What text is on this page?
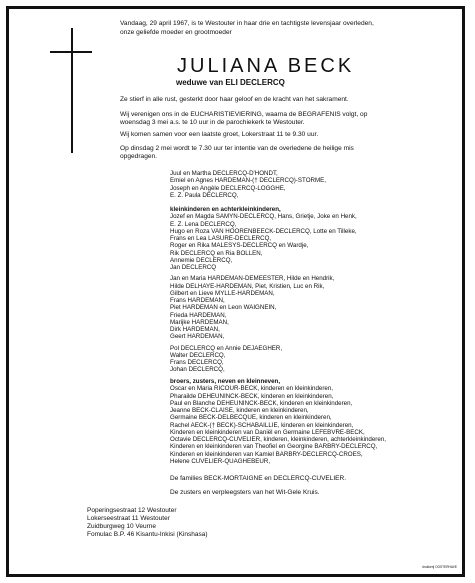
Vandaag, 29 april 1967, is te Westouter in haar drie en tachtigste levensjaar overleden,
onze geliefde moeder en grootmoeder
JULIANA BECK
weduwe van ELI DECLERCQ
Ze stierf in alle rust, gesterkt door haar geloof en de kracht van het sakrament.
Wij verenigen ons in de EUCHARISTIEVIERING, waarna de BEGRAFENIS volgt, op
woensdag 3 mei a.s. te 10 uur in de parochiekerk te Westouter.
Wij komen samen voor een laatste groet, Lokerstraat 11 te 9.30 uur.
Op dinsdag 2 mei wordt te 7.30 uur ter intentie van de overledene de heilige mis
opgedragen.
Juul en Martha DECLERCQ-D'HONDT,
Emiel en Agnes HARDEMAN-(† DECLERCQ)-STORME,
Joseph en Angèle DECLERCQ-LOGGHE,
E. Z. Paula DECLERCQ,
kleinkinderen en achterkleinkinderen,
Jozef en Magda SAMYN-DECLERCQ, Hans, Grietje, Joke en Henk,
E. Z. Lena DECLERCQ,
Hugo en Roza VAN HOORENBEECK-DECLERCQ, Lotte en Tilleke,
Frans en Lea LASURE-DECLERCQ,
Roger en Rika MALESYS-DECLERCQ en Wardje,
Rik DECLERCQ en Ria BOLLEN,
Annemie DECLERCQ,
Jan DECLERCQ
Jan en Maria HARDEMAN-DEMEESTER, Hilde en Hendrik,
Hilde DELHAYE-HARDEMAN, Piet, Kristien, Luc en Rik,
Gilbert en Lieve MYLLE-HARDEMAN,
Frans HARDEMAN,
Piet HARDEMAN en Leon WAIGNEIN,
Frieda HARDEMAN,
Marijke HARDEMAN,
Dirk HARDEMAN,
Geert HARDEMAN,
Pol DECLERCQ en Annie DEJAEGHER,
Walter DECLERCQ,
Frans DECLERCQ,
Johan DECLERCQ,
broers, zusters, neven en kleinneven,
Oscar en Maria RICOUR-BECK, kinderen en kleinkinderen,
Pharailde DEHEUNINCK-BECK, kinderen en kleinkinderen,
Paul en Blanche DEHEUNINCK-BECK, kinderen en kleinkinderen,
Jeanne BECK-CLAISE, kinderen en kleinkinderen,
Germaine BECK-DELBECQUE, kinderen en kleinkinderen,
Rachel AECK-(† BECK)-SCHABAILLIE, kinderen en kleinkinderen,
Kinderen en kleinkinderen van Daniël en Germaine LEFEBVRE-BECK,
Octavie DECLERCQ-CUVELIER, kinderen, kleinkinderen, achterkleinkinderen,
Kinderen en kleinkinderen van Theofiel en Georgine BARBRY-DECLERCQ,
Kinderen en kleinkinderen van Kamiel BARBRY-DECLERCQ-CROES,
Helene CUVELIER-QUAGHEBEUR,
De families BECK-MORTAIGNE en DECLERCQ-CUVELIER.
De zusters en verpleegsters van het Wit-Gele Kruis.
Poperingsestraat 12 Westouter
Lokerseestraat 11 Westouter
Zuidburgweg 10 Veurne
Fomulac B.P. 46 Kisantu-Inkisi (Kinshasa)
drukkerij OOSTERHAVE
